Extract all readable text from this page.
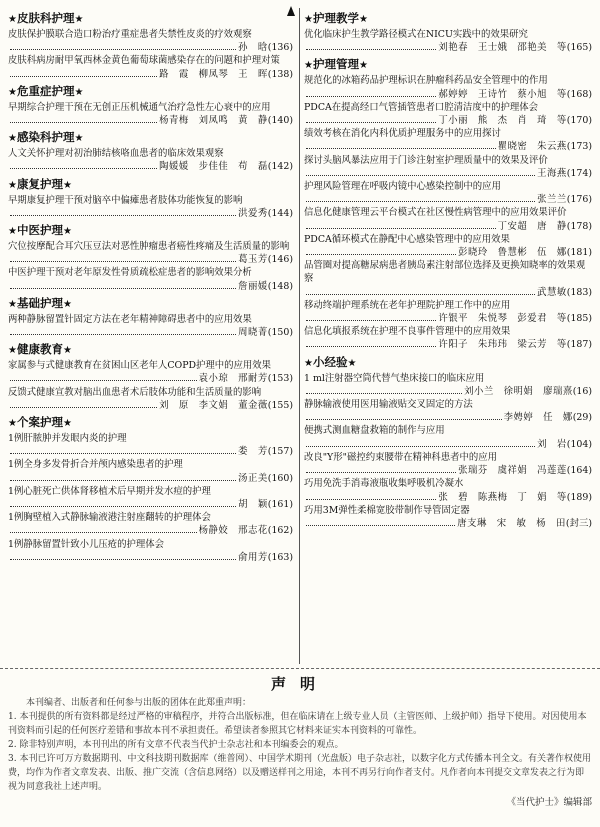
★皮肤科护理★
皮肤保护膜联合造口粉治疗重症患者失禁性皮炎的疗效观察
孙　晗 (136)
皮肤科病房耐甲氧西林金黄色葡萄球菌感染存在的问题和护理对策
路　霞　柳凤琴　王　晖 (138)
★危重症护理★
早期综合护理干预在无创正压机械通气治疗急性左心衰中的应用
杨青梅　刘凤鸣　黄　静 (140)
★感染科护理★
人文关怀护理对初治肺结核咯血患者的临床效果观察
陶媛媛　步佳佳　苟　磊 (142)
★康复护理★
早期康复护理干预对脑卒中偏瘫患者肢体功能恢复的影响
洪爱秀 (144)
★中医护理★
穴位按摩配合耳穴压豆法对恶性肿瘤患者癌性疼痛及生活质量的影响
葛玉芳 (146)
中医护理干预对老年原发性骨质疏松症患者的影响效果分析
詹丽媛 (148)
★基础护理★
两种静脉留置针固定方法在老年精神障碍患者中的应用效果
周晓菁 (150)
★健康教育★
家属参与式健康教育在贫困山区老年人COPD护理中的应用效果
袁小琼　邢耐芳 (153)
反馈式健康宣教对脑出血患者术后肢体功能和生活质量的影响
刘　原　李文娟　董金薇 (155)
★个案护理★
1例肝脓肿并发眼内炎的护理
娄　芳 (157)
1例全身多发骨折合并颅内感染患者的护理
汤正美 (160)
1例心脏死亡供体肾移植术后早期并发水痘的护理
胡　颖 (161)
1例胸壁植入式静脉输液港注射座翻转的护理体会
杨静姣　邢志花 (162)
1例静脉留置针致小儿压疮的护理体会
俞用芳 (163)
★护理教学★
优化临床护生教学路径模式在NICU实践中的效果研究
刘艳春　王士娥　邵艳美　等 (165)
★护理管理★
规范化的冰箱药品护理标识在肿瘤科药品安全管理中的作用
郝婷婷　王诗竹　蔡小旭　等 (168)
PDCA在提高经口气管插管患者口腔清洁度中的护理体会
丁小丽　熊　杰　肖　琦　等 (170)
绩效考核在消化内科优质护理服务中的应用探讨
瞿晓密　朱云燕 (173)
探讨头脑风暴法应用于门诊注射室护理质量中的效果及评价
王海燕 (174)
护理风险管理在呼吸内镜中心感染控制中的应用
张兰兰 (176)
信息化健康管理云平台模式在社区慢性病管理中的应用效果评价
丁安超　唐　静 (178)
PDCA循环模式在静配中心感染管理中的应用效果
彭晓玲　鲁慧彬　伍　娜 (181)
品管圈对提高糖尿病患者胰岛素注射部位选择及更换知晓率的效果观察
武慧敏 (183)
移动终端护理系统在老年护理院护理工作中的应用
许银平　朱悦琴　彭爱君　等 (185)
信息化填报系统在护理不良事件管理中的应用效果
许阳子　朱玮玮　梁云芳　等 (187)
★小经验★
1 ml注射器空筒代替气垫床接口的临床应用
刘小兰　徐明娟　廖瑞熹 (16)
静脉输液使用医用输液贴交叉固定的方法
李娉婷　任　娜 (29)
便携式测血糖盘救箱的制作与应用
刘　岩 (104)
改良"Y形"磁控约束腰带在精神科患者中的应用
张瑞芬　虞祥娟　冯莲莲 (164)
巧用免洗手消毒液瓶收集呼吸机冷凝水
张　碧　陈燕梅　丁　娟　等 (189)
巧用3M弹性柔棉宽胶带制作导管固定器
唐支琳　宋　敏　杨　田 (封三)
声明

本刊编者、出版者和任何参与出版的团体在此郑重声明：

1. 本刊提供的所有资料都是经过严格的审稿程序，并符合出版标准，但在临床请在上级专业人员（主管医师、上级护师）指导下使用。对因使用本刊资料而引起的任何医疗差错和事故本刊不承担责任。希望读者参照其它材料来证实本刊资料的可靠性。

2. 除非特别声明，本刊刊出的所有文章不代表当代护士杂志社和本刊编委会的观点。

3. 本刊已许可万方数据期刊、中文科技期刊数据库（维普网）、中国学术期刊（光盘版）电子杂志社，以数字化方式传播本刊全文。有关著作权使用费，均作为作者文章发表、出版、推广交流（含信息网络）以及赠送样刊之用途，本刊不再另行向作者支付。凡作者向本刊提交文章发表之行为即视为同意我社上述声明。

《当代护士》编辑部
